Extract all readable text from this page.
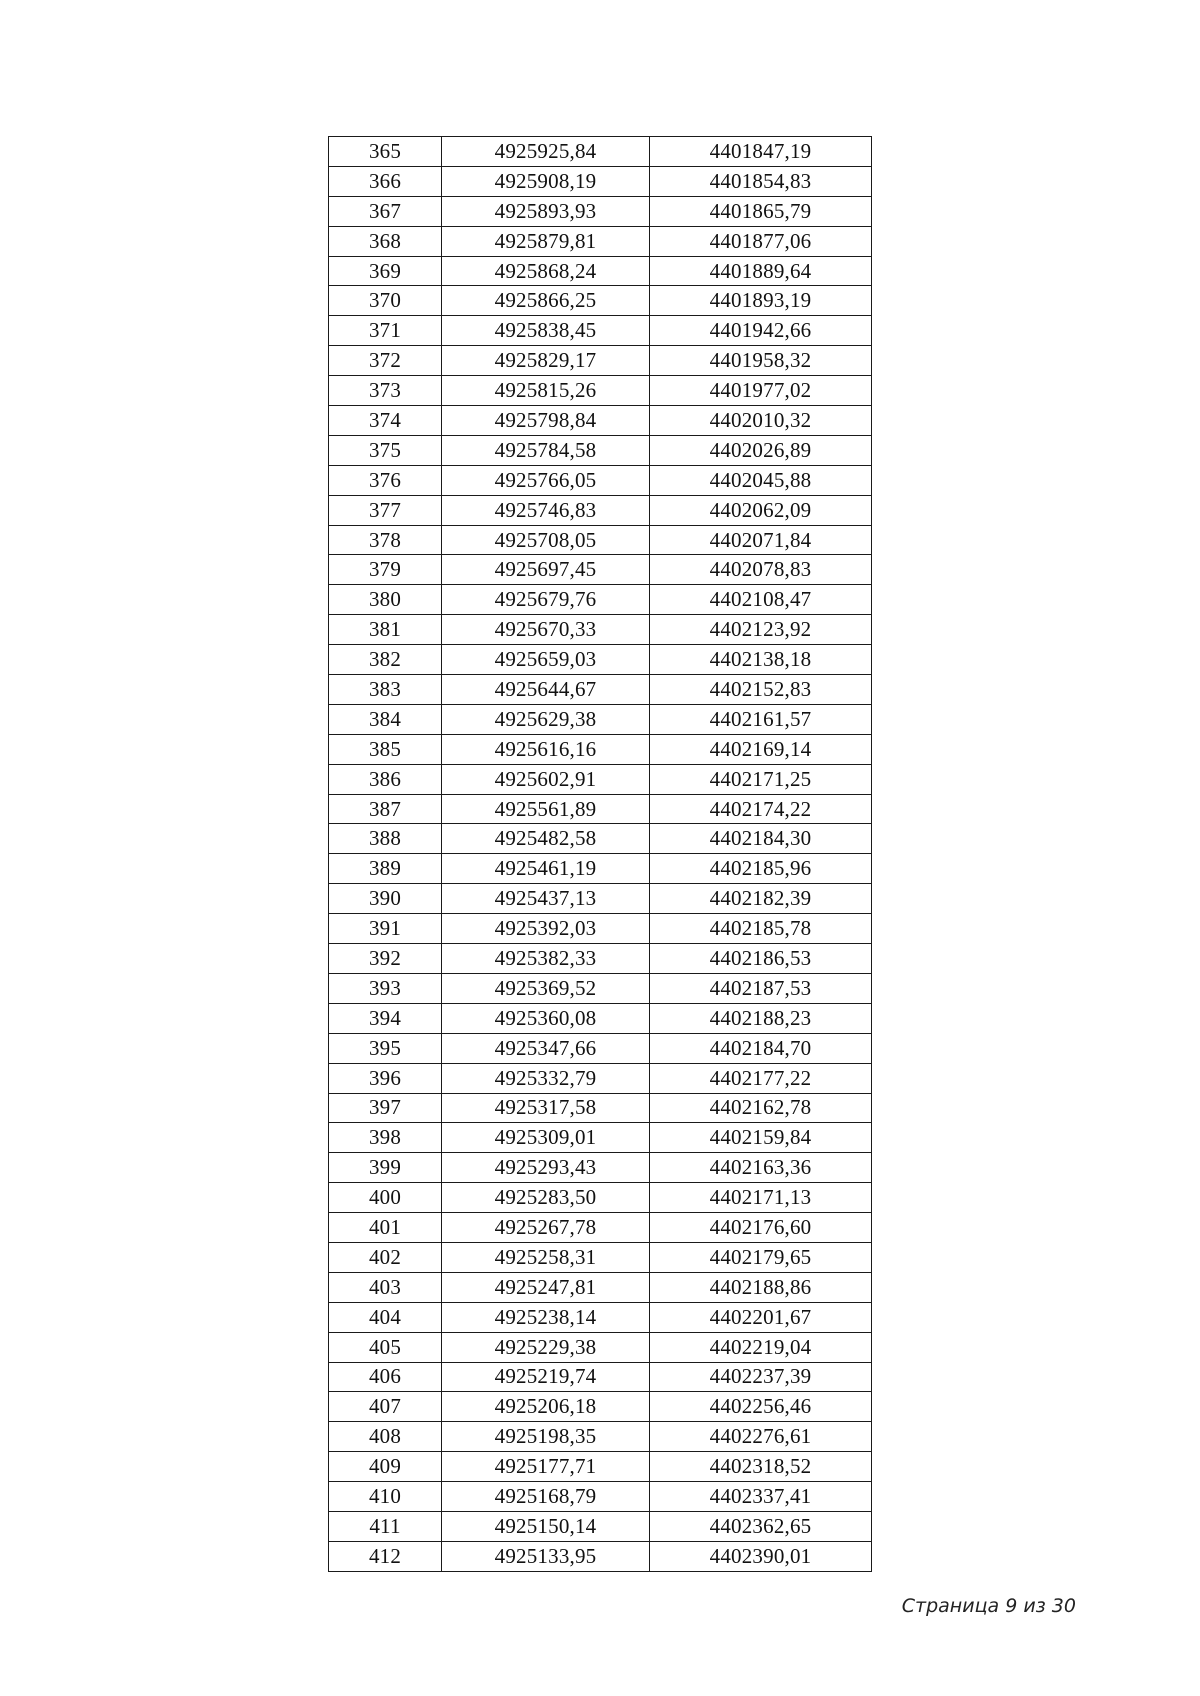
365	4925925,84	4401847,19
366	4925908,19	4401854,83
367	4925893,93	4401865,79
368	4925879,81	4401877,06
369	4925868,24	4401889,64
370	4925866,25	4401893,19
371	4925838,45	4401942,66
372	4925829,17	4401958,32
373	4925815,26	4401977,02
374	4925798,84	4402010,32
375	4925784,58	4402026,89
376	4925766,05	4402045,88
377	4925746,83	4402062,09
378	4925708,05	4402071,84
379	4925697,45	4402078,83
380	4925679,76	4402108,47
381	4925670,33	4402123,92
382	4925659,03	4402138,18
383	4925644,67	4402152,83
384	4925629,38	4402161,57
385	4925616,16	4402169,14
386	4925602,91	4402171,25
387	4925561,89	4402174,22
388	4925482,58	4402184,30
389	4925461,19	4402185,96
390	4925437,13	4402182,39
391	4925392,03	4402185,78
392	4925382,33	4402186,53
393	4925369,52	4402187,53
394	4925360,08	4402188,23
395	4925347,66	4402184,70
396	4925332,79	4402177,22
397	4925317,58	4402162,78
398	4925309,01	4402159,84
399	4925293,43	4402163,36
400	4925283,50	4402171,13
401	4925267,78	4402176,60
402	4925258,31	4402179,65
403	4925247,81	4402188,86
404	4925238,14	4402201,67
405	4925229,38	4402219,04
406	4925219,74	4402237,39
407	4925206,18	4402256,46
408	4925198,35	4402276,61
409	4925177,71	4402318,52
410	4925168,79	4402337,41
411	4925150,14	4402362,65
412	4925133,95	4402390,01
Страница 9 из 30
